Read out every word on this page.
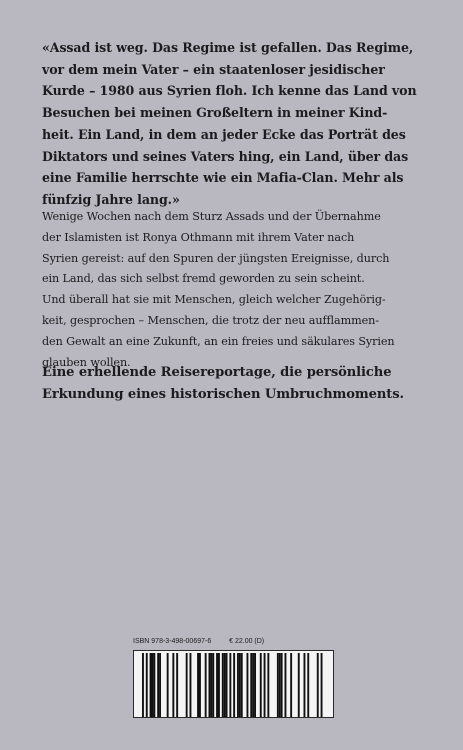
«Assad ist weg. Das Regime ist gefallen. Das Regime,
vor dem mein Vater – ein staatenloser jesidischer
Kurde – 1980 aus Syrien floh. Ich kenne das Land von
Besuchen bei meinen Großeltern in meiner Kind-
heit. Ein Land, in dem an jeder Ecke das Porträt des
Diktators und seines Vaters hing, ein Land, über das
eine Familie herrschte wie ein Mafia-Clan. Mehr als
fünfzig Jahre lang.»
Wenige Wochen nach dem Sturz Assads und der Übernahme
der Islamisten ist Ronya Othmann mit ihrem Vater nach
Syrien gereist: auf den Spuren der jüngsten Ereignisse, durch
ein Land, das sich selbst fremd geworden zu sein scheint.
Und überall hat sie mit Menschen, gleich welcher Zugehörig-
keit, gesprochen – Menschen, die trotz der neu aufflammen-
den Gewalt an eine Zukunft, an ein freies und säkulares Syrien
glauben wollen.
Eine erhellende Reisereportage, die persönliche
Erkundung eines historischen Umbruchmoments.
ISBN 978-3-498-00697-6	€ 22.00 (D)
